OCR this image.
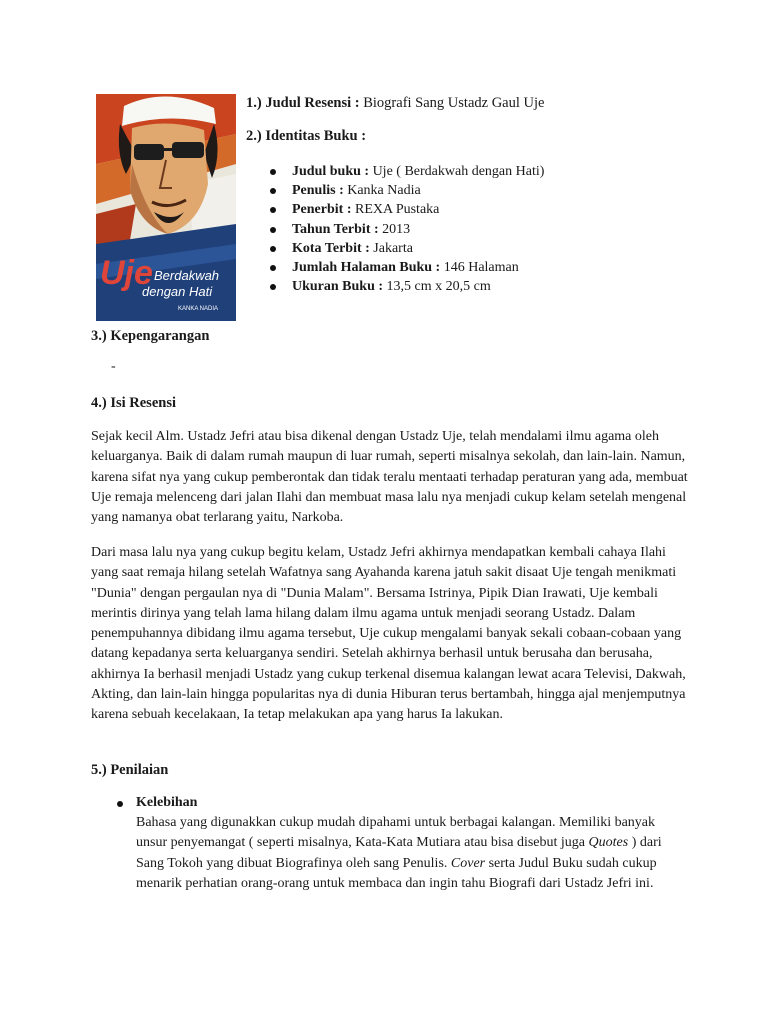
Uje Berdakwah
dengan Hati
KANKA NADIA
1.) Judul Resensi : Biografi Sang Ustadz Gaul Uje
2.) Identitas Buku :
Judul buku : Uje ( Berdakwah dengan Hati)
Penulis : Kanka Nadia
Penerbit : REXA Pustaka
Tahun Terbit : 2013
Kota Terbit : Jakarta
Jumlah Halaman Buku : 146 Halaman
Ukuran Buku : 13,5 cm x 20,5 cm
3.) Kepengarangan
-
4.) Isi Resensi

Sejak kecil Alm. Ustadz Jefri atau bisa dikenal dengan Ustadz Uje, telah mendalami ilmu agama oleh keluarganya. Baik di dalam rumah maupun di luar rumah, seperti misalnya sekolah, dan lain-lain. Namun, karena sifat nya yang cukup pemberontak dan tidak teralu mentaati terhadap peraturan yang ada, membuat Uje remaja melenceng dari jalan Ilahi dan membuat masa lalu nya menjadi cukup kelam setelah mengenal yang namanya obat terlarang yaitu, Narkoba.

Dari masa lalu nya yang cukup begitu kelam, Ustadz Jefri akhirnya mendapatkan kembali cahaya Ilahi yang saat remaja hilang setelah Wafatnya sang Ayahanda karena jatuh sakit disaat Uje tengah menikmati "Dunia" dengan pergaulan nya di "Dunia Malam". Bersama Istrinya, Pipik Dian Irawati, Uje kembali merintis dirinya yang telah lama hilang dalam ilmu agama untuk menjadi seorang Ustadz. Dalam penempuhannya dibidang ilmu agama tersebut, Uje cukup mengalami banyak sekali cobaan-cobaan yang datang kepadanya serta keluarganya sendiri. Setelah akhirnya berhasil untuk berusaha dan berusaha, akhirnya Ia berhasil menjadi Ustadz yang cukup terkenal disemua kalangan lewat acara Televisi, Dakwah, Akting, dan lain-lain hingga popularitas nya di dunia Hiburan terus bertambah, hingga ajal menjemputnya karena sebuah kecelakaan, Ia tetap melakukan apa yang harus Ia lakukan.

5.) Penilaian
Kelebihan
Bahasa yang digunakkan cukup mudah dipahami untuk berbagai kalangan. Memiliki banyak unsur penyemangat ( seperti misalnya, Kata-Kata Mutiara atau bisa disebut juga Quotes ) dari Sang Tokoh yang dibuat Biografinya oleh sang Penulis. Cover serta Judul Buku sudah cukup menarik perhatian orang-orang untuk membaca dan ingin tahu Biografi dari Ustadz Jefri ini.
